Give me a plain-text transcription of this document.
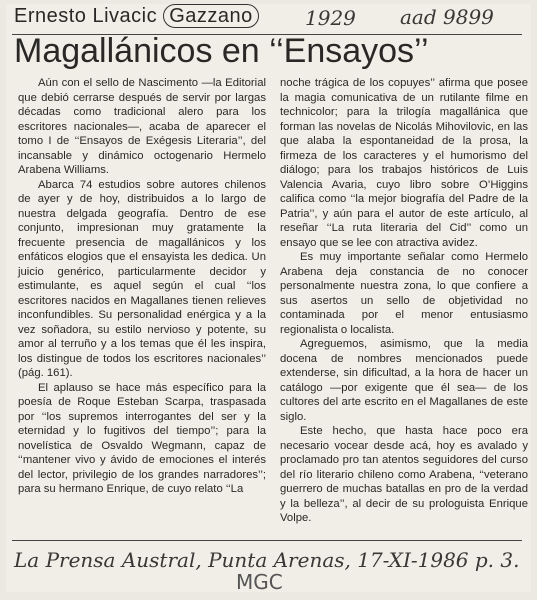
Ernesto Livacic Gazzano	1929 aad 9899
Magallánicos en ‘‘Ensayos’’

Aún con el sello de Nascimento —la Editorial que debió cerrarse después de servir por largas décadas como tradicional alero para los escritores nacionales—, acaba de aparecer el tomo I de ‘‘Ensayos de Exégesis Literaria’’, del incansable y dinámico octogenario Hermelo Arabena Williams.

Abarca 74 estudios sobre autores chilenos de ayer y de hoy, distribuidos a lo largo de nuestra delgada geografía. Dentro de ese conjunto, impresionan muy gratamente la frecuente presencia de magallánicos y los enfáticos elogios que el ensayista les dedica. Un juicio genérico, particularmente decidor y estimulante, es aquel según el cual ‘‘los escritores nacidos en Magallanes tienen relieves inconfundibles. Su personalidad enérgica y a la vez soñadora, su estilo nervioso y potente, su amor al terruño y a los temas que él les inspira, los distingue de todos los escritores nacionales’’ (pág. 161).

El aplauso se hace más específico para la poesía de Roque Esteban Scarpa, traspasada por ‘‘los supremos interrogantes del ser y la eternidad y lo fugitivos del tiempo’’; para la novelística de Osvaldo Wegmann, capaz de ‘‘mantener vivo y ávido de emociones el interés del lector, privilegio de los grandes narradores’’; para su hermano Enrique, de cuyo relato ‘‘La

noche trágica de los copuyes’’ afirma que posee la magia comunicativa de un rutilante filme en technicolor; para la trilogía magallánica que forman las novelas de Nicolás Mihovilovic, en las que alaba la espontaneidad de la prosa, la firmeza de los caracteres y el humorismo del diálogo; para los trabajos históricos de Luis Valencia Avaria, cuyo libro sobre O’Higgins califica como ‘‘la mejor biografía del Padre de la Patria’’, y aún para el autor de este artículo, al reseñar ‘‘La ruta literaria del Cid’’ como un ensayo que se lee con atractiva avidez.

Es muy importante señalar como Hermelo Arabena deja constancia de no conocer personalmente nuestra zona, lo que confiere a sus asertos un sello de objetividad no contaminada por el menor entusiasmo regionalista o localista.

Agreguemos, asimismo, que la media docena de nombres mencionados puede extenderse, sin dificultad, a la hora de hacer un catálogo —por exigente que él sea— de los cultores del arte escrito en el Magallanes de este siglo.

Este hecho, que hasta hace poco era necesario vocear desde acá, hoy es avalado y proclamado pro tan atentos seguidores del curso del río literario chileno como Arabena, ‘‘veterano guerrero de muchas batallas en pro de la verdad y la belleza’’, al decir de su prologuista Enrique Volpe.

La Prensa Austral, Punta Arenas, 17-XI-1986 p. 3.
MGC
